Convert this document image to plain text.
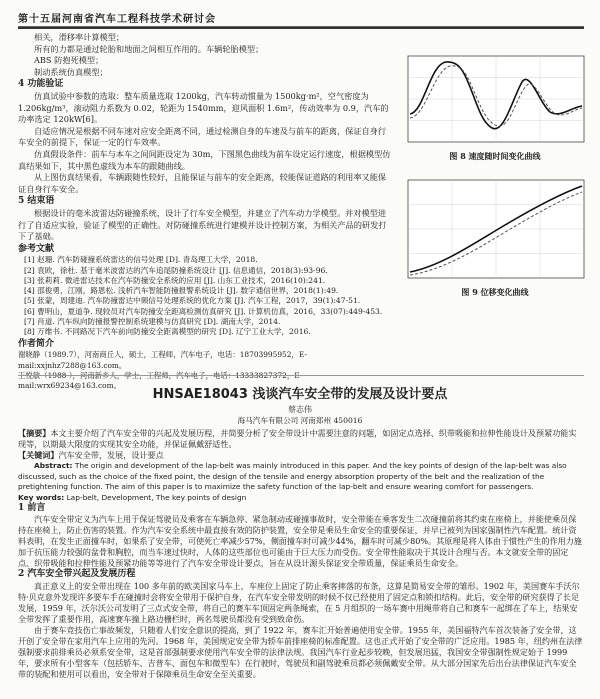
第十五届河南省汽车工程科技学术研讨会

相关，滑移率计算模型；

所有的力都是通过轮胎和地面之间相互作用的。车辆轮胎模型；

ABS 防抱死模型；

制动系统仿真模型；

4 功能验证

仿真试验中参数的选取：整车质量选取 1200kg，汽车转动惯量为 1500kg·m²，空气密度为 1.206kg/m³，滚动阻力系数为 0.02，轮距为 1540mm，迎风面积 1.6m²，传动效率为 0.9，汽车的功率选定 120kW[6]。

自适应情况是根据不同车速对应安全距离不同，通过检测自身的车速及与前车的距离，保证自身行车安全的前提下，保证一定的行车效率。

仿真假设条件：前车与本车之间间距设定为 30m，下图黑色曲线为前车设定运行速度，根据模型仿真结果如下，其中黑色虚线为本车的跟随曲线。

从上图仿真结果看，车辆跟随性较好，且能保证与前车的安全距离，较能保证道路的利用率又能保证自身行车安全。

5 结束语

根据设计的毫米波雷达防碰撞系统，设计了行车安全模型，并建立了汽车动力学模型。并对模型进行了自适应实验，验证了模型的正确性。对防碰撞系统进行建模并设计控制方案，为相关产品的研发打下了基础。

参考文献

[1] 赵珊. 汽车防碰撞系统雷达的信号处理 [D]. 青岛理工大学，2018.

[2] 袁欧，徐杜. 基于毫米波雷达的汽车追尾防撞系统设计 [J]. 信息通信，2018(3):93-96.

[3] 张莉莉. 微进雷达技术在汽车防撞安全系统的应用 [J]. 山东工业技术，2016(10):241.

[4] 邵俊勇，江刚，路恩松. 浅析汽车智能防撞报警系统设计 [J]. 数字通信世界，2018(1):49.

[5] 张蒙，周建迪. 汽车防撞雷达中频信号处理系统的优化方案 [J]. 汽车工程，2017，39(1):47-51.

[6] 曹明山，夏道争. 现较员对汽车防撞安全距离检测仿真研究 [J]. 计算机仿真，2016，33(07):449-453.

[7] 肖道. 汽车纵向防撞报警控制系统建模与仿真研究 [D]. 湖南大学，2014.

[8] 万维书. 不同路况下汽车前向防撞安全距离模型的研究 [D]. 辽宁工业大学，2016.

作者简介

谢晓静（1989.7），河南商丘人，硕士，工程师，汽车电子，电话：18703995952，E-mail:xxjnhz7288@163.com。

王悦敏（1988-），河南新乡人，学士，工程师，汽车电子，电话：13333827372，E-mail:wrx69234@163.com。

图 8 速度随时间变化曲线
图 9 位移变化曲线
HNSAE18043 浅谈汽车安全带的发展及设计要点
蔡志伟
海马汽车有限公司 河南郑州 450016

【摘要】本文主要介绍了汽车安全带的兴起及发展历程，并简要分析了安全带设计中需要注意的问题，如固定点选择、织带吸能和拉伸性能设计及预紧功能实现等，以期最大限度的实现其安全功能，并保证佩戴舒适性。

【关键词】汽车安全带，发展，设计要点

Abstract: The origin and development of the lap-belt was mainly introduced in this paper. And the key points of design of the lap-belt was also discussed, such as the choice of the fixed point, the design of the tensile and energy absorption property of the belt and the realization of the pretightening function. The aim of this paper is to maximize the safety function of the lap-belt and ensure wearing comfort for passengers.

Key words: Lap-belt, Development, The key points of design

1 前言

汽车安全带定义为汽车上用于保证驾驶员及乘客在车辆急停、紧急制动或碰撞事故时，安全带能在乘客发生二次碰撞前将其约束在座椅上，并能使乘员保持在座椅上，防止伤害的装置。作为汽车安全系统中最直接有效的防护装置，安全带是乘员生命安全的重要保证，并早已被列为国家强制性汽车配置。统计资料表明，在发生正面撞车时，如果系了安全带，可使死亡率减少57%，侧面撞车时可减少44%，翻车时可减少80%。其原理是将人体由于惯性产生的作用力施加于抗压能力较强的盆骨和胸腔，而当车速过快时，人体的这些部位也可能由于巨大压力而受伤。安全带性能取决于其设计合理与否。本文就安全带的固定点、织带吸能和拉伸性能及预紧功能等等进行了汽车安全带设计要点，旨在从设计源头保证安全带质量，保证乘员生命安全。

2 汽车安全带兴起及发展历程

真正意义上的安全带出现在 100 多年前的欧美国家马车上，车座位上固定了防止乘客摔落的布条，这算是简易安全带的雏形。1902 年，美国赛车手沃尔特·贝克意外发现许多要车手在碰撞时会将安全带用于保护自身，在汽车安全带发明的时候不仅已经使用了固定点和锁扣结构。此后，安全带的研究获得了长足发展，1959 年，沃尔沃公司发明了三点式安全带，将自己的赛车车顶固定两条绳索，在 5 月组织的一场车赛中用绳带将自己和赛车一起绑在了车上，结果安全带发挥了重要作用，高速赛车撞上路边栅栏时，两名驾驶员都没有受到致命伤。

由于赛车竞技伤亡事故频发，只随着人们安全意识的提高，到了 1922 年，赛车汇开始普遍使用安全带。1955 年，美国福特汽车首次装备了安全带，这开创了安全带在家用汽车上应用的先河。1968 年，美国规定安全带为轿车前排座椅的标准配置。这也正式开始了安全带的广泛应用。1985 年，纽约州在法律强制要求前排乘员必须系安全带，这是首部强制要求使用汽车安全带的法律法规。我国汽车行业起步较晚，但发展迅猛，我国安全带强制性规定始于 1999 年，要求所有小型客车（包括轿车、吉普车、面包车和微型车）在行驶时，驾驶员和副驾驶乘员都必须佩戴安全带。从大部分国家先后出台法律保证汽车安全带的装配和使用可以看出，安全带对于保障乘员生命安全至关重要。
